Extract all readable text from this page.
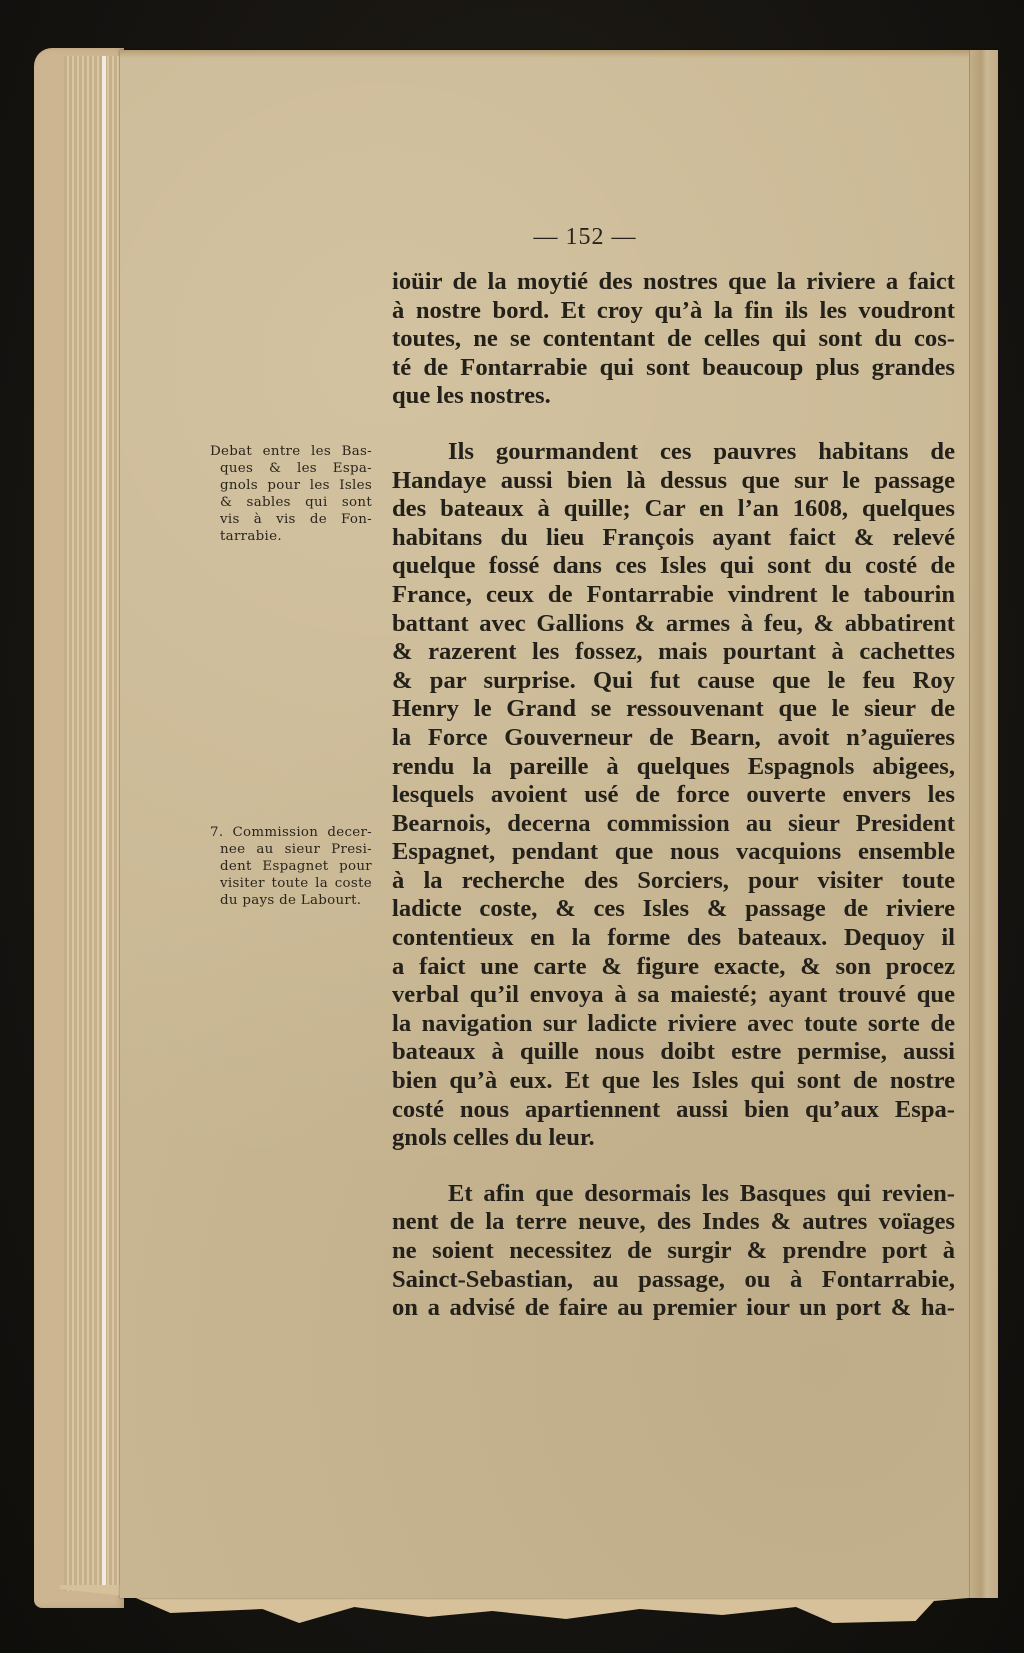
— 152 —
Debat entre les Bas-
ques & les Espa-
gnols pour les Isles
& sables qui sont
vis à vis de Fon-
tarrabie.
7. Commission decer-
nee au sieur Presi-
dent Espagnet pour
visiter toute la coste
du pays de Labourt.

ioüir de la moytié des nostres que la riviere a faict
à nostre bord. Et croy qu’à la fin ils les voudront
toutes, ne se contentant de celles qui sont du cos-
té de Fontarrabie qui sont beaucoup plus grandes
que les nostres.

Ils gourmandent ces pauvres habitans de
Handaye aussi bien là dessus que sur le passage
des bateaux à quille; Car en l’an 1608, quelques
habitans du lieu François ayant faict & relevé
quelque fossé dans ces Isles qui sont du costé de
France, ceux de Fontarrabie vindrent le tabourin
battant avec Gallions & armes à feu, & abbatirent
& razerent les fossez, mais pourtant à cachettes
& par surprise. Qui fut cause que le feu Roy
Henry le Grand se ressouvenant que le sieur de
la Force Gouverneur de Bearn, avoit n’aguïeres
rendu la pareille à quelques Espagnols abigees,
lesquels avoient usé de force ouverte envers les
Bearnois, decerna commission au sieur President
Espagnet, pendant que nous vacquions ensemble
à la recherche des Sorciers, pour visiter toute
ladicte coste, & ces Isles & passage de riviere
contentieux en la forme des bateaux. Dequoy il
a faict une carte & figure exacte, & son procez
verbal qu’il envoya à sa maiesté; ayant trouvé que
la navigation sur ladicte riviere avec toute sorte de
bateaux à quille nous doibt estre permise, aussi
bien qu’à eux. Et que les Isles qui sont de nostre
costé nous apartiennent aussi bien qu’aux Espa-
gnols celles du leur.

Et afin que desormais les Basques qui revien-
nent de la terre neuve, des Indes & autres voïages
ne soient necessitez de surgir & prendre port à
Sainct-Sebastian, au passage, ou à Fontarrabie,
on a advisé de faire au premier iour un port & ha-
